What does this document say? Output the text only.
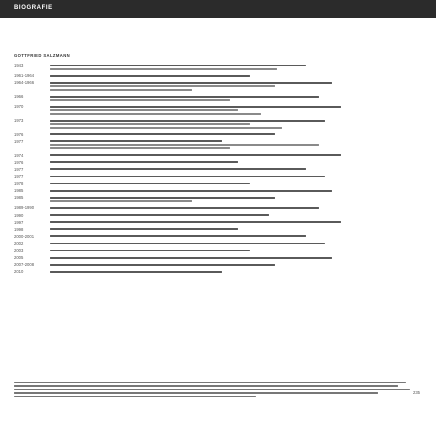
BIOGRAFIE
GOTTFRIED SALZMANN
1943
1961-1964
1964-1966
1966
1970
1973
1976
1977
1974
1976
1977
1977
1978
1985
1985
1989-1990
1990
1997
1998
2000-2001
2002
2003
2005
2007-2008
2010
235
